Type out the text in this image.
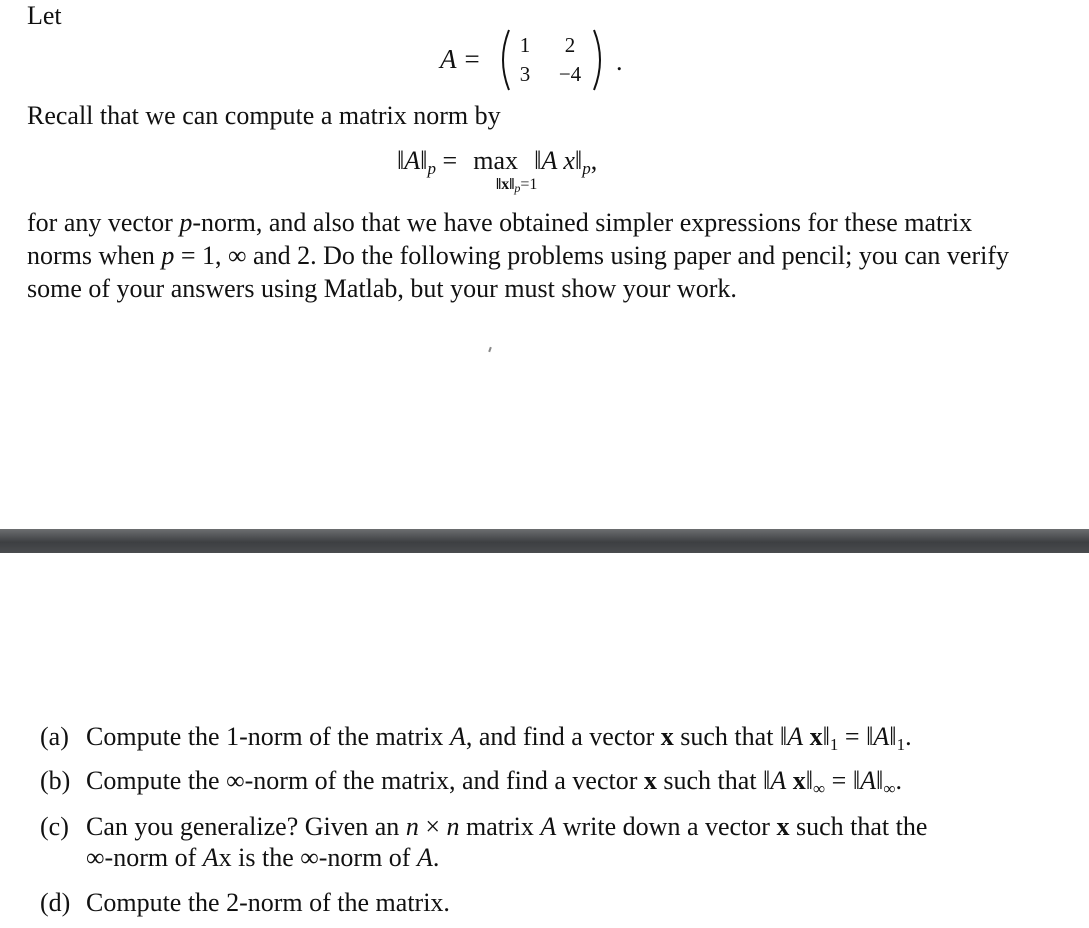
Let
A =	1	2
3	−4	.
Recall that we can compute a matrix norm by
$‖A‖_p = \max$ ‖A $x‖_p$,
‖x‖p=1
for any vector p-norm, and also that we have obtained simpler expressions for these matrix norms when p = 1, ∞ and 2. Do the following problems using paper and pencil; you can verify some of your answers using Matlab, but your must show your work.
(a) Compute the 1-norm of the matrix A, and find a vector x such that ‖A $x‖_1$ = $‖A‖_1$.
(b) Compute the ∞-norm of the matrix, and find a vector x such that ‖A $x‖_\infty$ = $‖A‖_\infty$.
(c) Can you generalize? Given an n × n matrix A write down a vector x such that the
∞-norm of Ax is the ∞-norm of A.
(d) Compute the 2-norm of the matrix.
